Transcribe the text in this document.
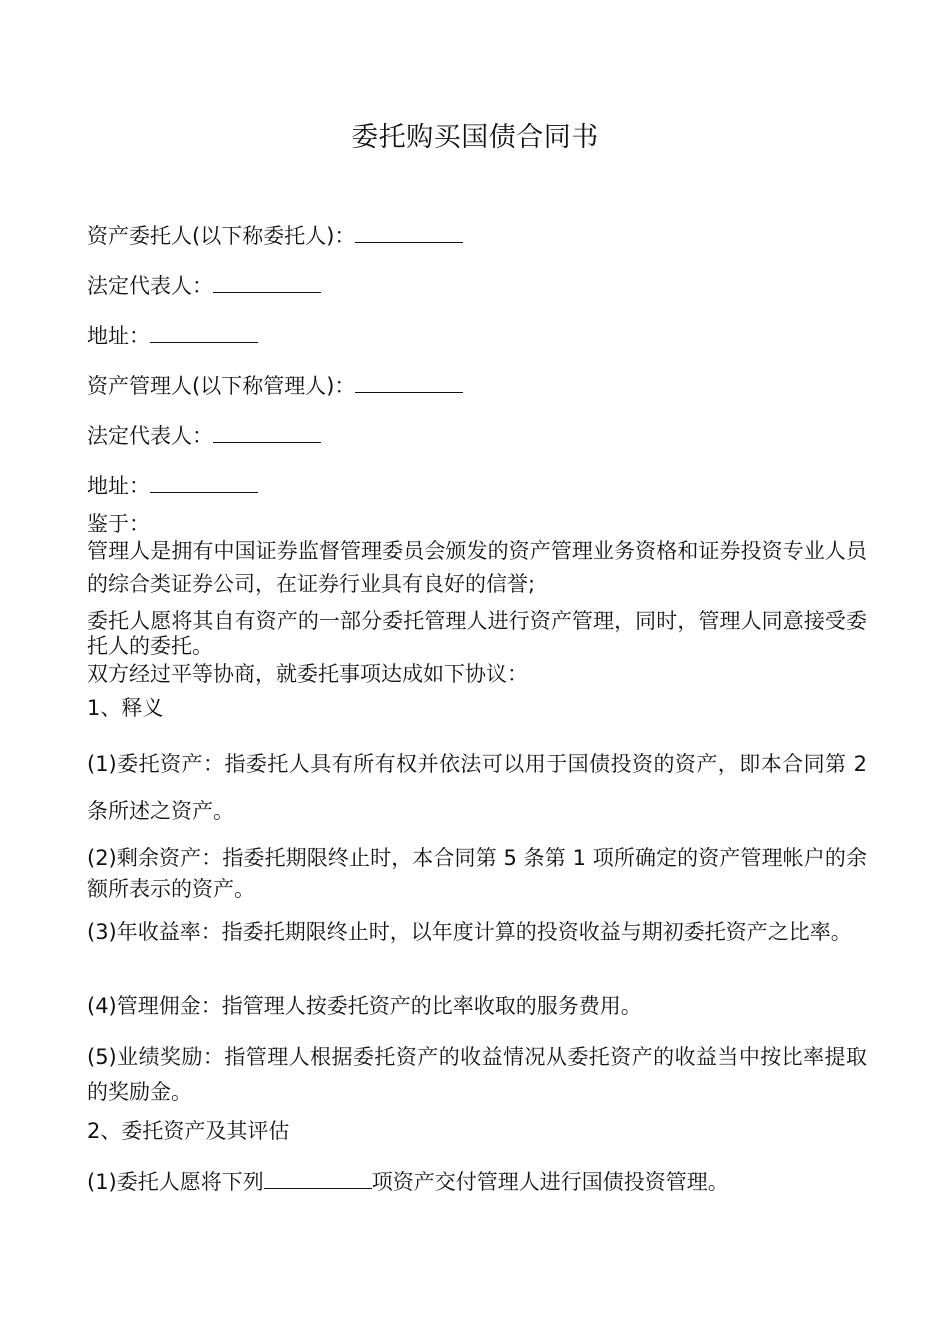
委托购买国债合同书
资产委托人(以下称委托人)：
法定代表人：
地址：
资产管理人(以下称管理人)：
法定代表人：
地址：
鉴于：
管理人是拥有中国证券监督管理委员会颁发的资产管理业务资格和证券投资专业人员的综合类证券公司，在证券行业具有良好的信誉;
委托人愿将其自有资产的一部分委托管理人进行资产管理，同时，管理人同意接受委托人的委托。
双方经过平等协商，就委托事项达成如下协议：
1、释义
(1)委托资产：指委托人具有所有权并依法可以用于国债投资的资产，即本合同第 2 条所述之资产。
(2)剩余资产：指委托期限终止时，本合同第 5 条第 1 项所确定的资产管理帐户的余额所表示的资产。
(3)年收益率：指委托期限终止时，以年度计算的投资收益与期初委托资产之比率。
(4)管理佣金：指管理人按委托资产的比率收取的服务费用。
(5)业绩奖励：指管理人根据委托资产的收益情况从委托资产的收益当中按比率提取的奖励金。
2、委托资产及其评估
(1)委托人愿将下列	项资产交付管理人进行国债投资管理。
